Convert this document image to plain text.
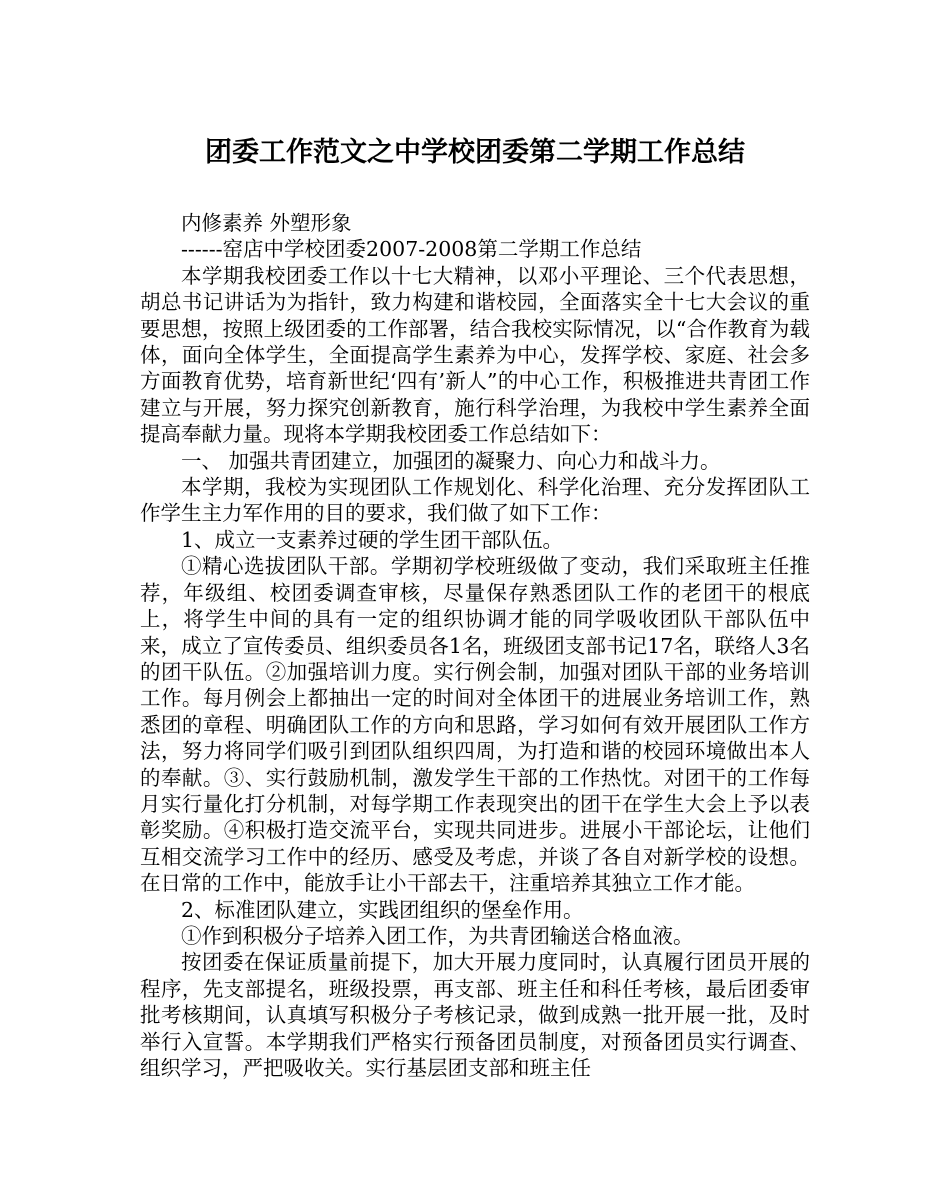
团委工作范文之中学校团委第二学期工作总结

内修素养 外塑形象

------窑店中学校团委2007-2008第二学期工作总结

本学期我校团委工作以十七大精神，以邓小平理论、三个代表思想，胡总书记讲话为为指针，致力构建和谐校园，全面落实全十七大会议的重要思想，按照上级团委的工作部署，结合我校实际情况，以“合作教育为载体，面向全体学生，全面提高学生素养为中心，发挥学校、家庭、社会多方面教育优势，培育新世纪‘四有’新人”的中心工作，积极推进共青团工作建立与开展，努力探究创新教育，施行科学治理，为我校中学生素养全面提高奉献力量。现将本学期我校团委工作总结如下：

一、 加强共青团建立，加强团的凝聚力、向心力和战斗力。

本学期，我校为实现团队工作规划化、科学化治理、充分发挥团队工作学生主力军作用的目的要求，我们做了如下工作：

1、成立一支素养过硬的学生团干部队伍。

①精心选拔团队干部。学期初学校班级做了变动，我们采取班主任推荐，年级组、校团委调查审核，尽量保存熟悉团队工作的老团干的根底上，将学生中间的具有一定的组织协调才能的同学吸收团队干部队伍中来，成立了宣传委员、组织委员各1名，班级团支部书记17名，联络人3名的团干队伍。②加强培训力度。实行例会制，加强对团队干部的业务培训工作。每月例会上都抽出一定的时间对全体团干的进展业务培训工作，熟悉团的章程、明确团队工作的方向和思路，学习如何有效开展团队工作方法，努力将同学们吸引到团队组织四周，为打造和谐的校园环境做出本人的奉献。③、实行鼓励机制，激发学生干部的工作热忱。对团干的工作每月实行量化打分机制，对每学期工作表现突出的团干在学生大会上予以表彰奖励。④积极打造交流平台，实现共同进步。进展小干部论坛，让他们互相交流学习工作中的经历、感受及考虑，并谈了各自对新学校的设想。在日常的工作中，能放手让小干部去干，注重培养其独立工作才能。

2、标准团队建立，实践团组织的堡垒作用。

①作到积极分子培养入团工作，为共青团输送合格血液。

按团委在保证质量前提下，加大开展力度同时，认真履行团员开展的程序，先支部提名，班级投票，再支部、班主任和科任考核，最后团委审批考核期间，认真填写积极分子考核记录，做到成熟一批开展一批，及时举行入宣誓。本学期我们严格实行预备团员制度，对预备团员实行调查、组织学习，严把吸收关。实行基层团支部和班主任
